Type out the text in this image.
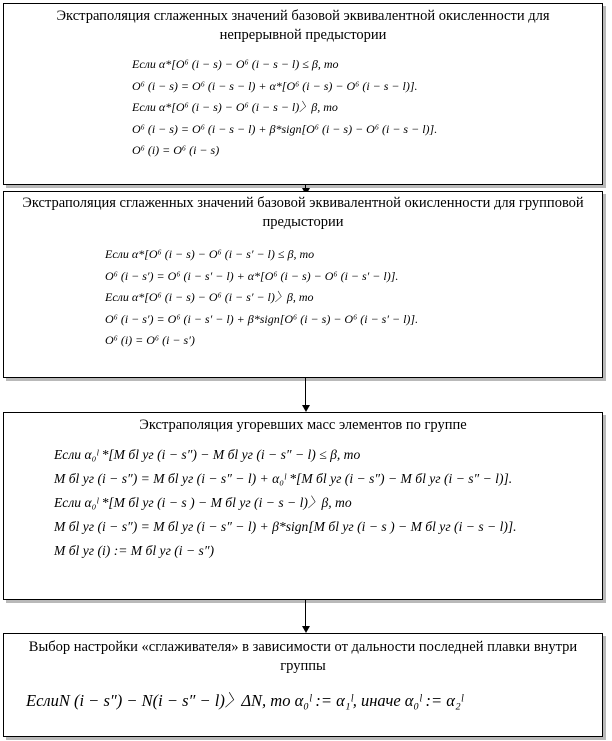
Экстраполяция сглаженных значений базовой эквивалентной окисленности для непрерывной предыстории
Если α*[O⁶ (i − s) − O⁶ (i − s − l) ≤ β, то
O⁶ (i − s) = O⁶ (i − s − l) + α*[O⁶ (i − s) − O⁶ (i − s − l)].
Если α*[O⁶ (i − s) − O⁶ (i − s − l)〉β, то
O⁶ (i − s) = O⁶ (i − s − l) + β*sign[O⁶ (i − s) − O⁶ (i − s − l)].
O⁶ (i) = O⁶ (i − s)
Экстраполяция сглаженных значений базовой эквивалентной окисленности для групповой предыстории
Если α*[O⁶ (i − s) − O⁶ (i − s′ − l) ≤ β, то
O⁶ (i − s′) = O⁶ (i − s′ − l) + α*[O⁶ (i − s) − O⁶ (i − s′ − l)].
Если α*[O⁶ (i − s) − O⁶ (i − s′ − l)〉β, то
O⁶ (i − s′) = O⁶ (i − s′ − l) + β*sign[O⁶ (i − s) − O⁶ (i − s′ − l)].
O⁶ (i) = O⁶ (i − s′)
Экстраполяция угоревших масс элементов по группе
Если α₀ˡ *[M бl уг (i − s″) − M бl уг (i − s″ − l) ≤ β, то
M бl уг (i − s″) = M бl уг (i − s″ − l) + α₀ˡ *[M бl уг (i − s″) − M бl уг (i − s″ − l)].
Если α₀ˡ *[M бl уг (i − s ) − M бl уг (i − s − l)〉β, то
M бl уг (i − s″) = M бl уг (i − s″ − l) + β*sign[M бl уг (i − s ) − M бl уг (i − s − l)].
M бl уг (i) := M бl уг (i − s″)
Выбор настройки «сглаживателя» в зависимости от дальности последней плавки внутри группы
ЕслиN (i − s″) − N(i − s″ − l)〉ΔN, то α₀ˡ := α₁ˡ, иначе α₀ˡ := α₂ˡ
